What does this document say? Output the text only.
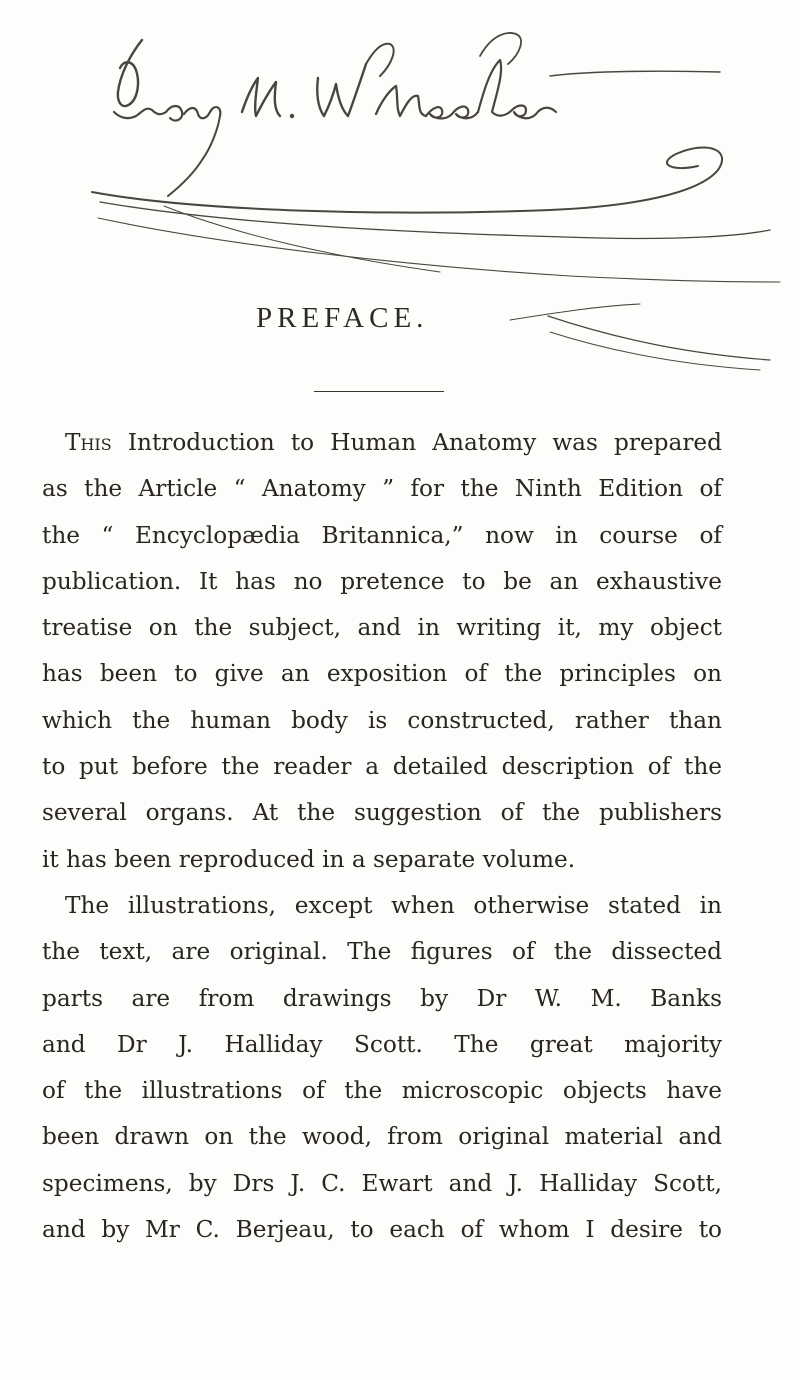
PREFACE.
This Introduction to Human Anatomy was prepared
as the Article “ Anatomy ” for the Ninth Edition of
the “ Encyclopædia Britannica,” now in course of
publication. It has no pretence to be an exhaustive
treatise on the subject, and in writing it, my object
has been to give an exposition of the principles on
which the human body is constructed, rather than
to put before the reader a detailed description of the
several organs. At the suggestion of the publishers
it has been reproduced in a separate volume.
The illustrations, except when otherwise stated in
the text, are original. The figures of the dissected
parts are from drawings by Dr W. M. Banks
and Dr J. Halliday Scott. The great majority
of the illustrations of the microscopic objects have
been drawn on the wood, from original material and
specimens, by Drs J. C. Ewart and J. Halliday Scott,
and by Mr C. Berjeau, to each of whom I desire to
